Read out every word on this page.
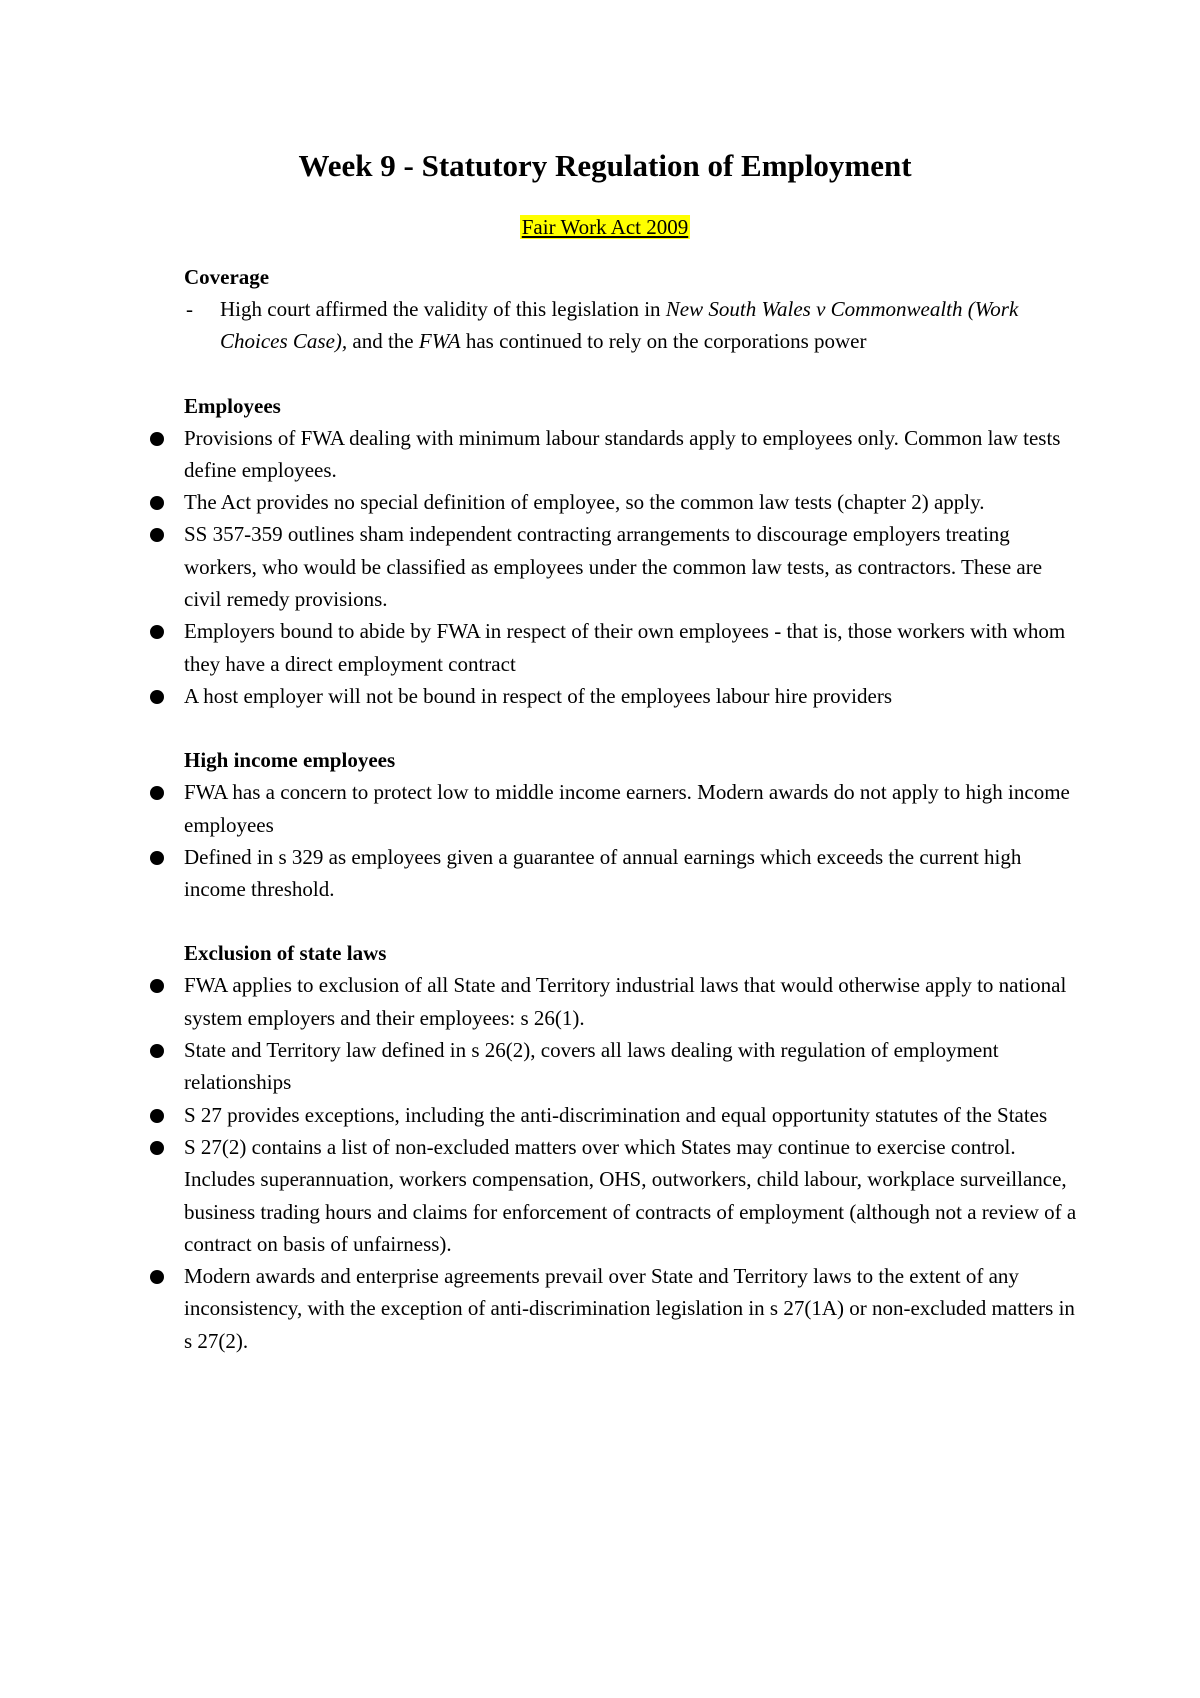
Week 9 - Statutory Regulation of Employment
Fair Work Act 2009
Coverage
-	High court affirmed the validity of this legislation in New South Wales v Commonwealth (Work Choices Case), and the FWA has continued to rely on the corporations power
Employees
Provisions of FWA dealing with minimum labour standards apply to employees only. Common law tests define employees.
The Act provides no special definition of employee, so the common law tests (chapter 2) apply.
SS 357-359 outlines sham independent contracting arrangements to discourage employers treating workers, who would be classified as employees under the common law tests, as contractors. These are civil remedy provisions.
Employers bound to abide by FWA in respect of their own employees - that is, those workers with whom they have a direct employment contract
A host employer will not be bound in respect of the employees labour hire providers
High income employees
FWA has a concern to protect low to middle income earners. Modern awards do not apply to high income employees
Defined in s 329 as employees given a guarantee of annual earnings which exceeds the current high income threshold.
Exclusion of state laws
FWA applies to exclusion of all State and Territory industrial laws that would otherwise apply to national system employers and their employees: s 26(1).
State and Territory law defined in s 26(2), covers all laws dealing with regulation of employment relationships
S 27 provides exceptions, including the anti-discrimination and equal opportunity statutes of the States
S 27(2) contains a list of non-excluded matters over which States may continue to exercise control. Includes superannuation, workers compensation, OHS, outworkers, child labour, workplace surveillance, business trading hours and claims for enforcement of contracts of employment (although not a review of a contract on basis of unfairness).
Modern awards and enterprise agreements prevail over State and Territory laws to the extent of any inconsistency, with the exception of anti-discrimination legislation in s 27(1A) or non-excluded matters in s 27(2).
